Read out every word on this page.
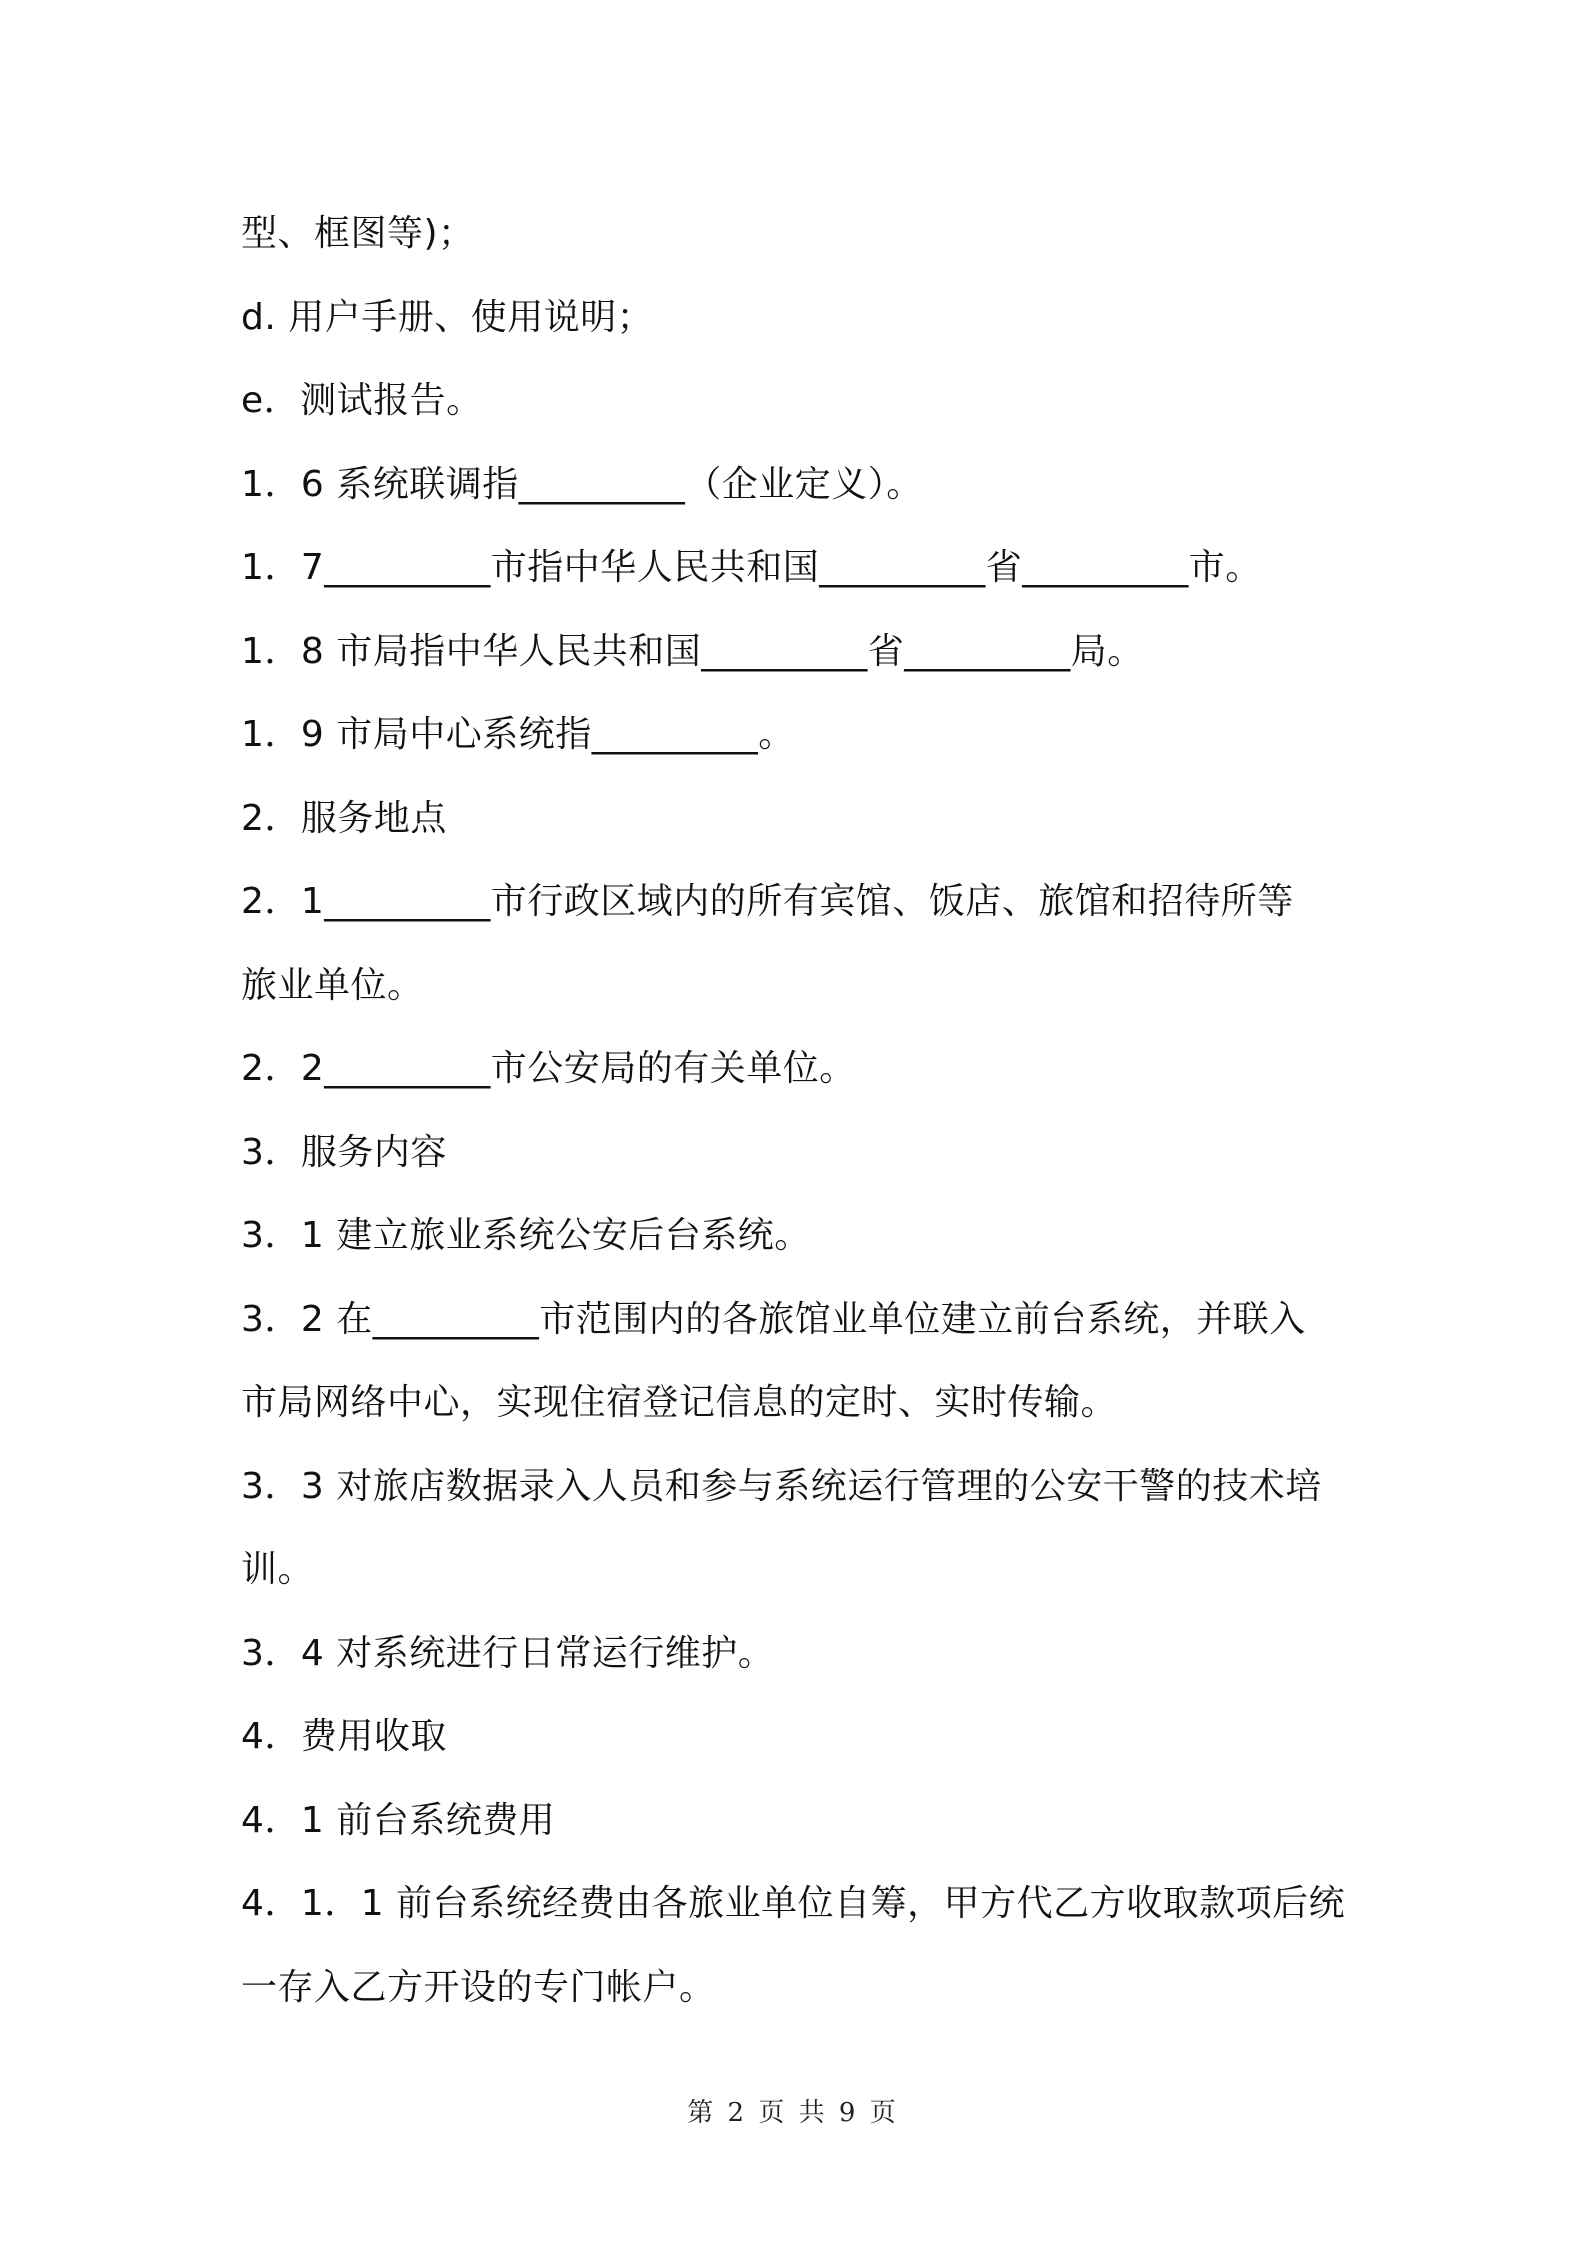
型、框图等)；
d. 用户手册、使用说明；
e．测试报告。
1．6 系统联调指_________（企业定义）。
1．7_________市指中华人民共和国_________省_________市。
1．8 市局指中华人民共和国_________省_________局。
1．9 市局中心系统指_________。
2．服务地点
2．1_________市行政区域内的所有宾馆、饭店、旅馆和招待所等
旅业单位。
2．2_________市公安局的有关单位。
3．服务内容
3．1 建立旅业系统公安后台系统。
3．2 在_________市范围内的各旅馆业单位建立前台系统，并联入
市局网络中心，实现住宿登记信息的定时、实时传输。
3．3 对旅店数据录入人员和参与系统运行管理的公安干警的技术培
训。
3．4 对系统进行日常运行维护。
4．费用收取
4．1 前台系统费用
4．1．1 前台系统经费由各旅业单位自筹，甲方代乙方收取款项后统
一存入乙方开设的专门帐户。
第 2 页 共 9 页
